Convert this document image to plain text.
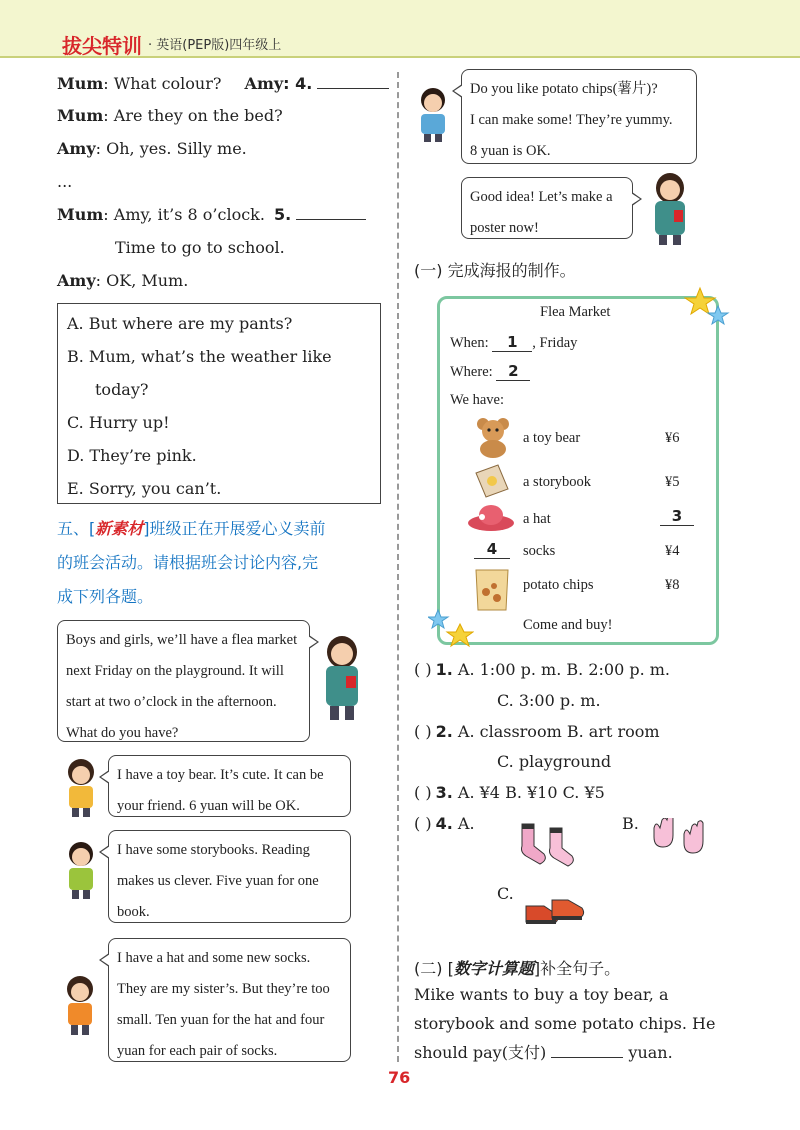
拔尖特训 · 英语(PEP版)四年级上
Mum: What colour? Amy: 4.
Mum: Are they on the bed?
Amy: Oh, yes. Silly me.
...
Mum: Amy, it’s 8 o’clock. 5.
Time to go to school.
Amy: OK, Mum.
A. But where are my pants?
B. Mum, what’s the weather like
today?
C. Hurry up!
D. They’re pink.
E. Sorry, you can’t.
五、[新素材]班级正在开展爱心义卖前
的班会活动。请根据班会讨论内容,完
成下列各题。

Boys and girls, we’ll have a flea market

next Friday on the playground. It will

start at two o’clock in the afternoon.

What do you have?

I have a toy bear. It’s cute. It can be

your friend. 6 yuan will be OK.

I have some storybooks. Reading

makes us clever. Five yuan for one

book.

I have a hat and some new socks.

They are my sister’s. But they’re too

small. Ten yuan for the hat and four

yuan for each pair of socks.

Do you like potato chips(薯片)?

I can make some! They’re yummy.

8 yuan is OK.

Good idea! Let’s make a

poster now!

(一) 完成海报的制作。
Flea Market
When: 1 , Friday
Where: 2
We have:
a toy bear	¥6
a storybook	¥5
a hat	3
4	socks	¥4
potato chips	¥8
Come and buy!
( ) 1. A. 1:00 p. m. B. 2:00 p. m.
C. 3:00 p. m.
( ) 2. A. classroom B. art room
C. playground
( ) 3. A. ¥4 B. ¥10 C. ¥5
( ) 4. A.	B.
C.
(二) [数字计算题]补全句子。
Mike wants to buy a toy bear, a
storybook and some potato chips. He
should pay(支付)	yuan.
76
